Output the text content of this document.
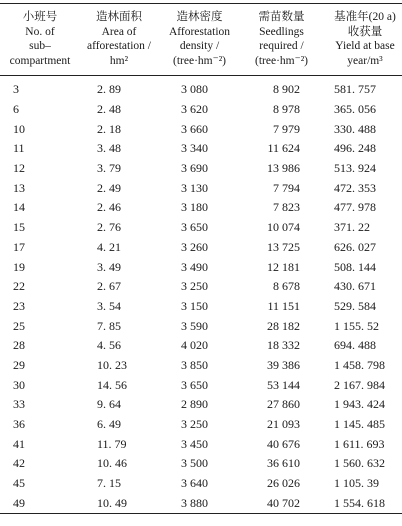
小班号
No. of
sub–
compartment	造林面积
Area of
afforestation /
hm²	造林密度
Afforestation
density /
(tree·hm⁻²)	需苗数量
Seedlings
required /
(tree·hm⁻²)	基准年(20 a)
收获量
Yield at base
year/m³

3	2. 89	3 080	8 902	581. 757
6	2. 48	3 620	8 978	365. 056
10	2. 18	3 660	7 979	330. 488
11	3. 48	3 340	11 624	496. 248
12	3. 79	3 690	13 986	513. 924
13	2. 49	3 130	7 794	472. 353
14	2. 46	3 180	7 823	477. 978
15	2. 76	3 650	10 074	371. 22
17	4. 21	3 260	13 725	626. 027
19	3. 49	3 490	12 181	508. 144
22	2. 67	3 250	8 678	430. 671
23	3. 54	3 150	11 151	529. 584
25	7. 85	3 590	28 182	1 155. 52
28	4. 56	4 020	18 332	694. 488
29	10. 23	3 850	39 386	1 458. 798
30	14. 56	3 650	53 144	2 167. 984
33	9. 64	2 890	27 860	1 943. 424
36	6. 49	3 250	21 093	1 145. 485
41	11. 79	3 450	40 676	1 611. 693
42	10. 46	3 500	36 610	1 560. 632
45	7. 15	3 640	26 026	1 105. 39
49	10. 49	3 880	40 702	1 554. 618
